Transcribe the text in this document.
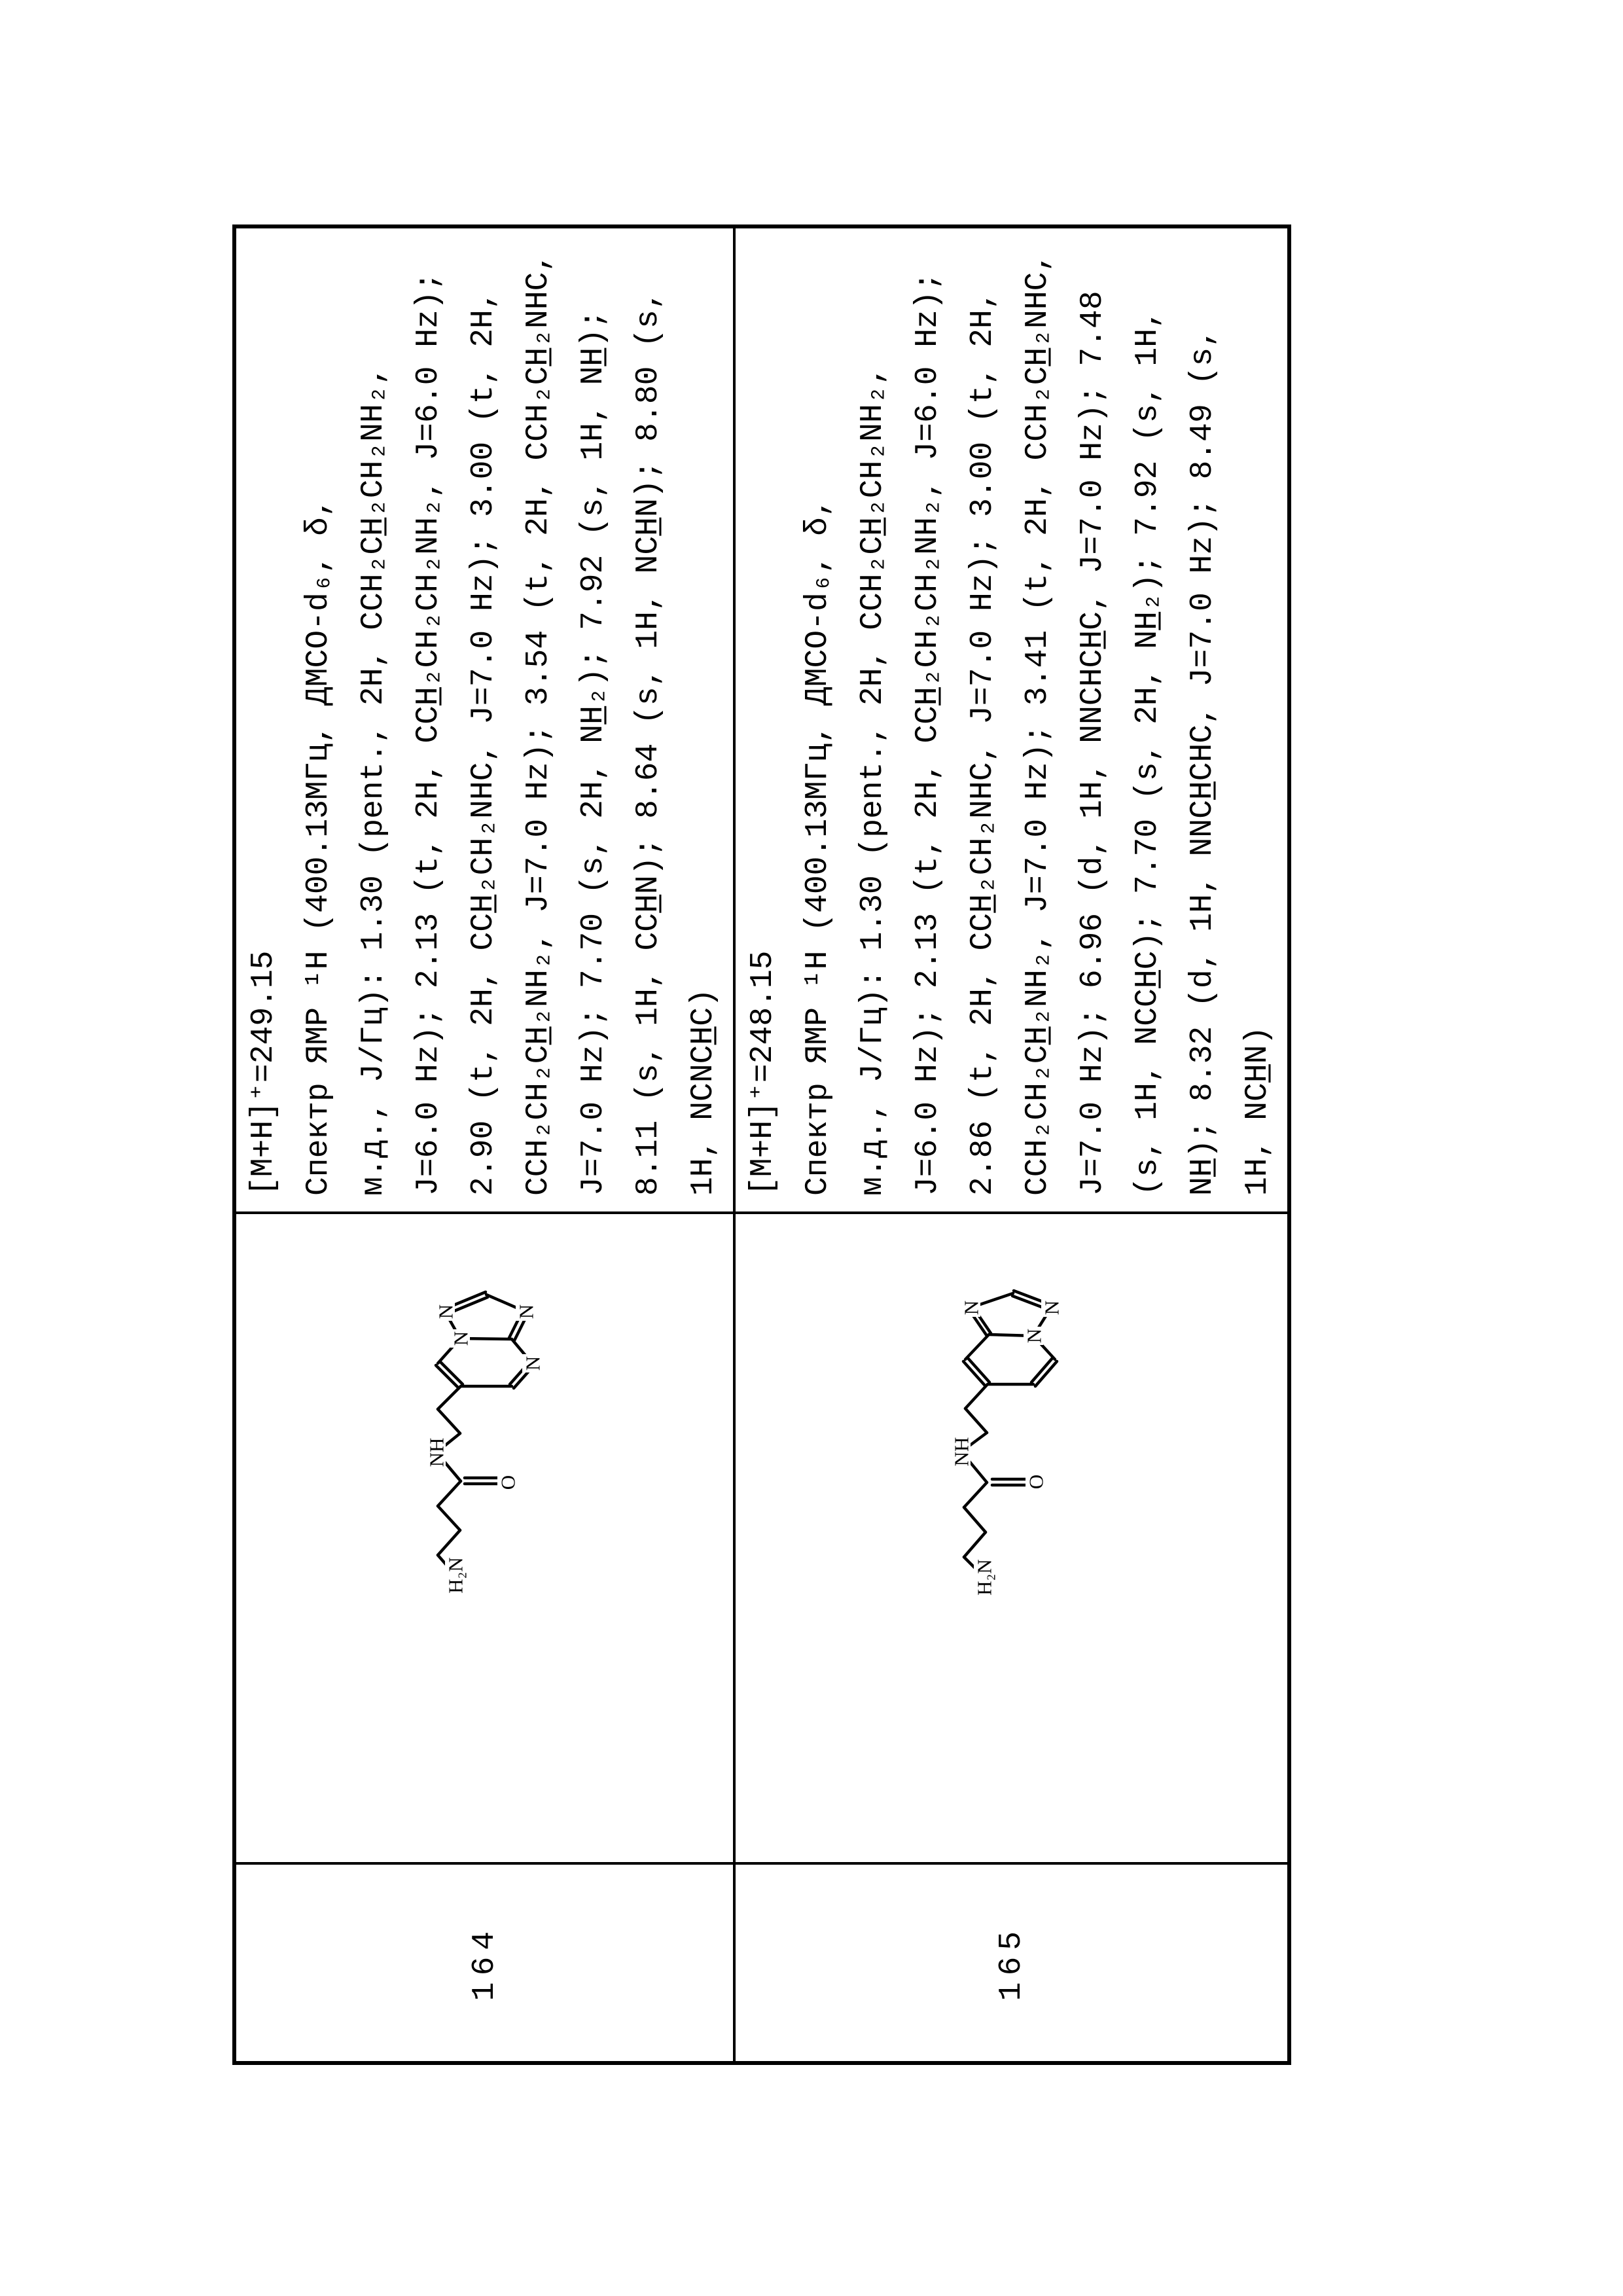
164
N	N
N
N
NH
O
H₂N
[M+H]⁺=249.15 Спектр ЯМР ¹Н (400.13МГц, ДМСО-d₆, δ, м.д., J/Гц): 1.30 (pent., 2H, CCH₂CH̲₂CH₂NH₂, J=6.0 Hz); 2.13 (t, 2H, CCH̲₂CH₂CH₂NH₂, J=6.0 Hz); 2.90 (t, 2H, CCH̲₂CH₂NHC, J=7.0 Hz); 3.00 (t, 2H, CCH₂CH₂CH̲₂NH₂, J=7.0 Hz); 3.54 (t, 2H, CCH₂CH̲₂NHC, J=7.0 Hz); 7.70 (s, 2H, NH̲₂); 7.92 (s, 1H, NH̲); 8.11 (s, 1H, CCH̲N); 8.64 (s, 1H, NCH̲N); 8.80 (s, 1H, NCNCH̲C)
165
N	N
N
NH
O
H₂N
[M+H]⁺=248.15 Спектр ЯМР ¹Н (400.13МГц, ДМСО-d₆, δ, м.д., J/Гц): 1.30 (pent., 2H, CCH₂CH̲₂CH₂NH₂, J=6.0 Hz); 2.13 (t, 2H, CCH̲₂CH₂CH₂NH₂, J=6.0 Hz); 2.86 (t, 2H, CCH̲₂CH₂NHC, J=7.0 Hz); 3.00 (t, 2H, CCH₂CH₂CH̲₂NH₂, J=7.0 Hz); 3.41 (t, 2H, CCH₂CH̲₂NHC, J=7.0 Hz); 6.96 (d, 1H, NNCHCH̲C, J=7.0 Hz); 7.48 (s, 1H, NCCH̲C); 7.70 (s, 2H, NH̲₂); 7.92 (s, 1H, NH̲); 8.32 (d, 1H, NNCH̲CHC, J=7.0 Hz); 8.49 (s, 1H, NCH̲N)
